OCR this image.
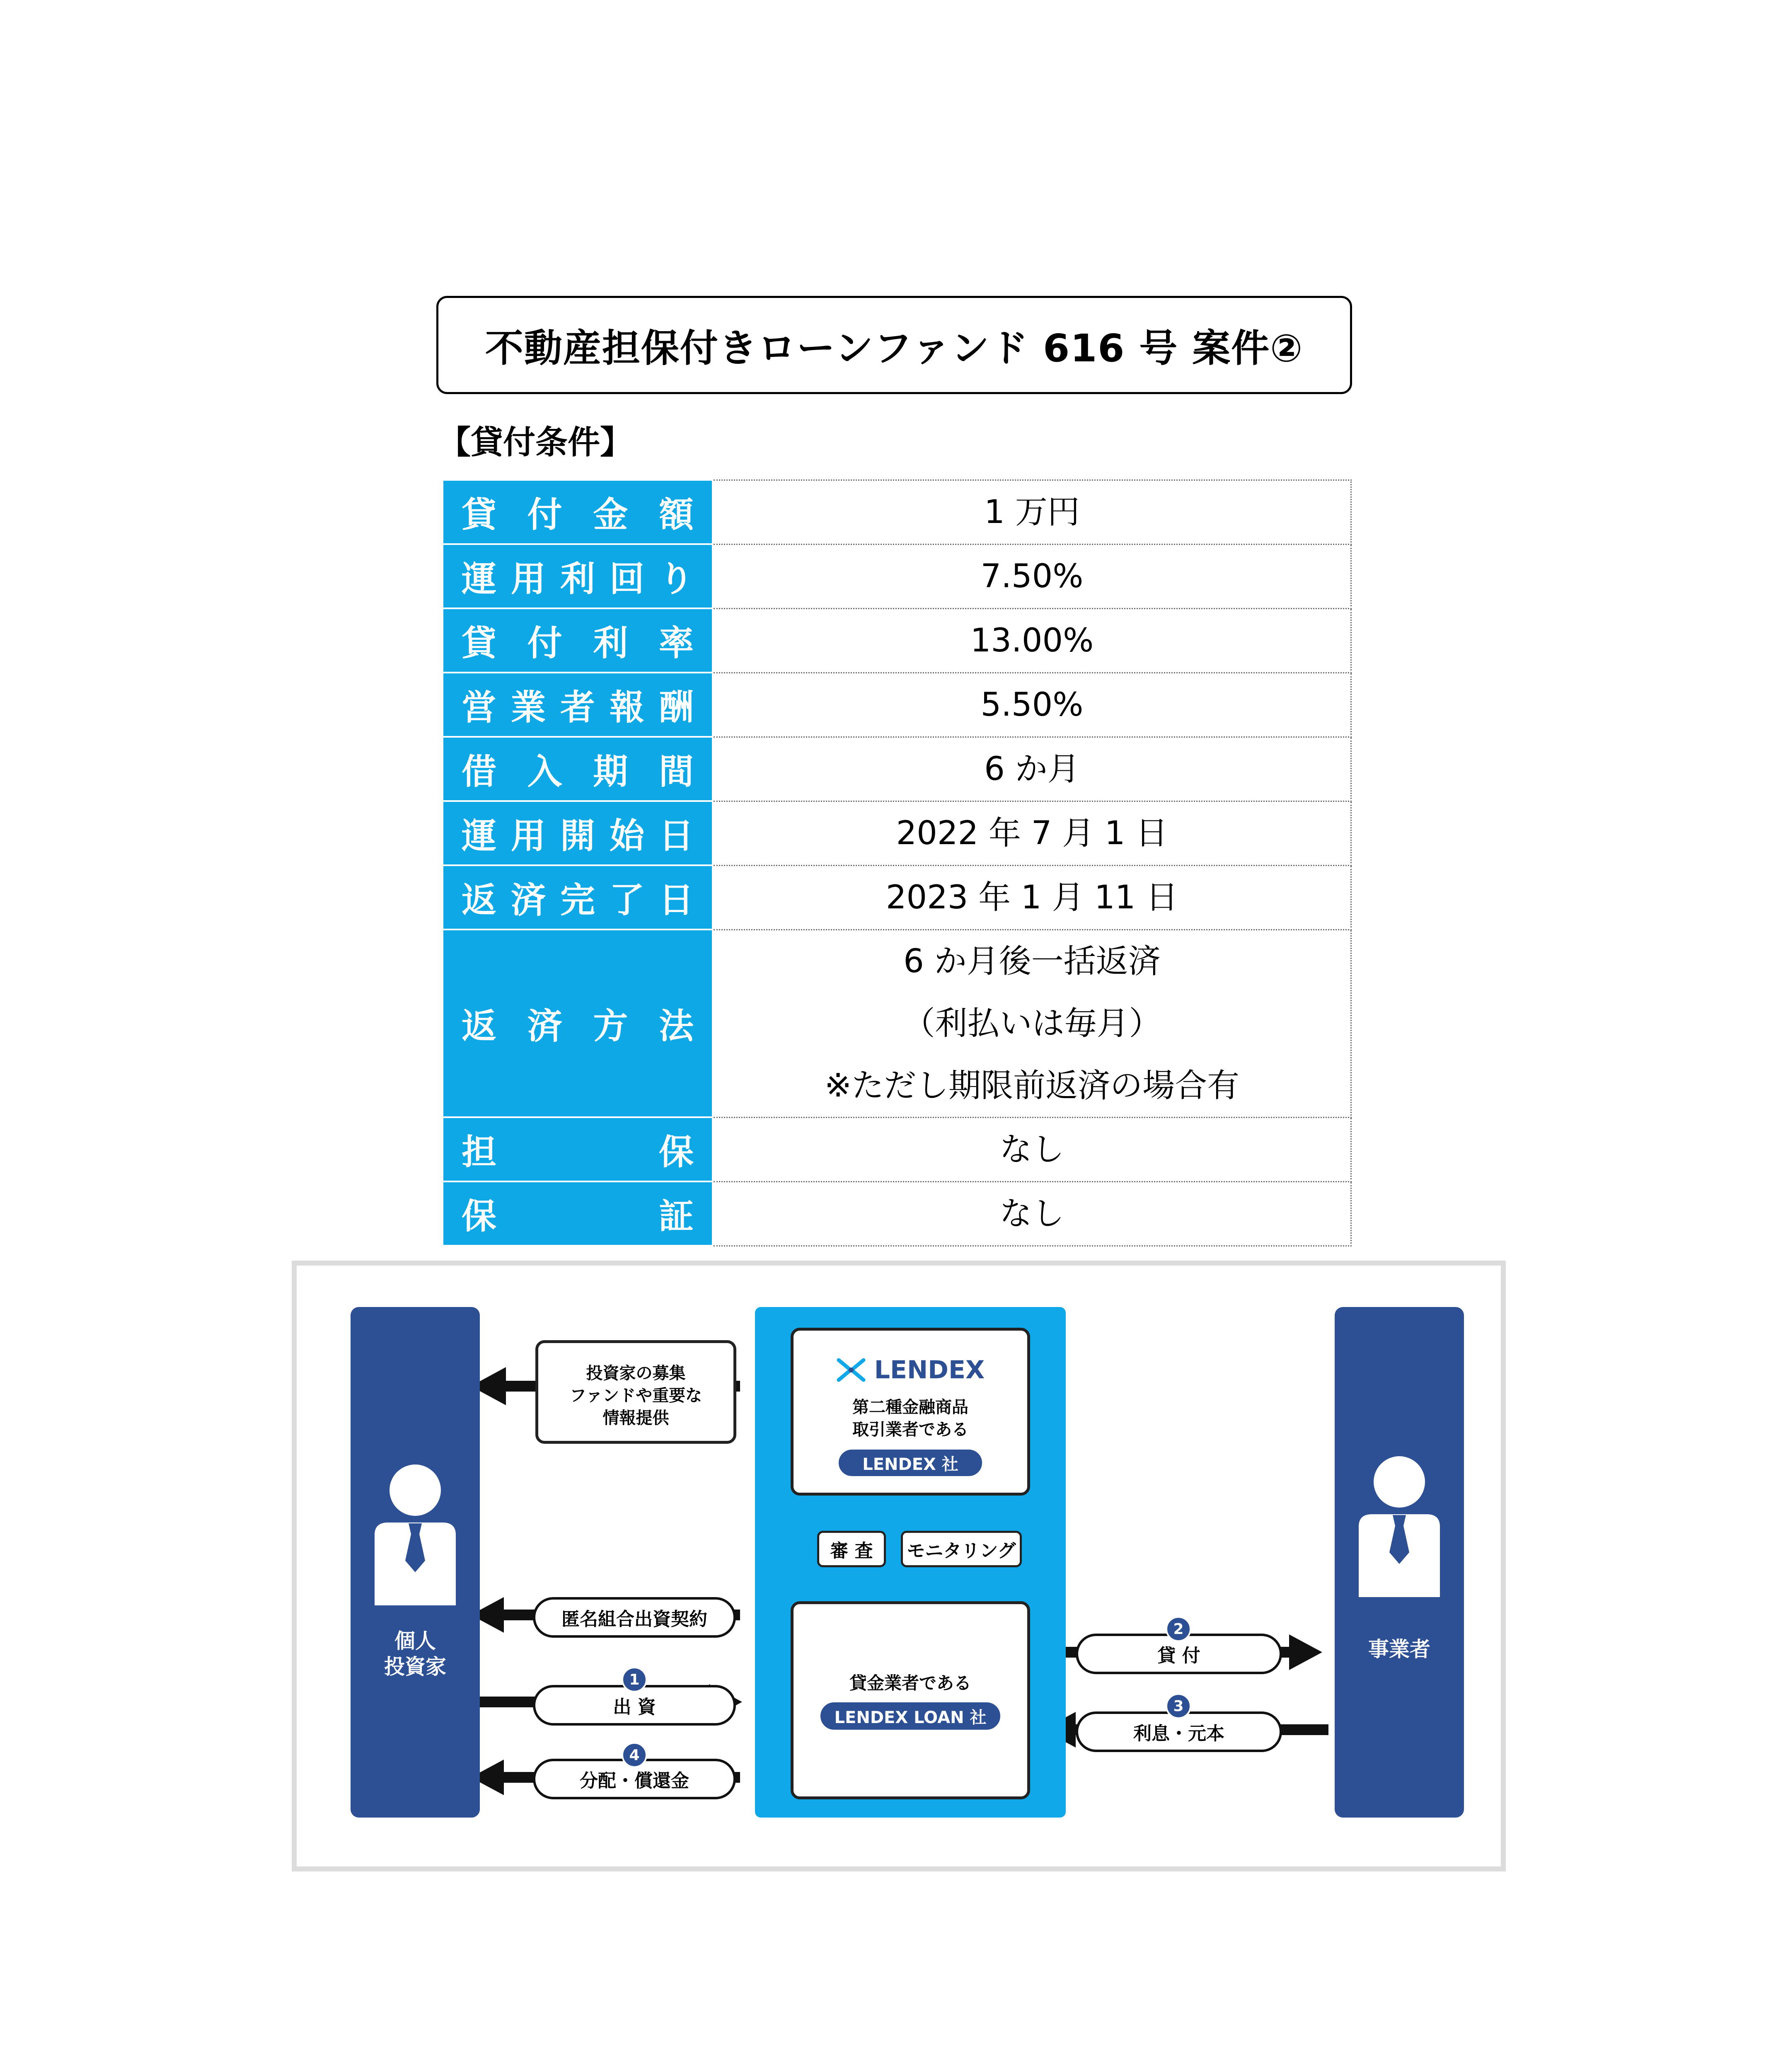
不動産担保付きローンファンド 616 号 案件②
【貸付条件】
貸 付 金 額	1 万円

運 用 利 回 り	7.50%

貸 付 利 率	13.00%

営 業 者 報 酬	5.50%

借 入 期 間	6 か月

運 用 開 始 日	2022 年 7 月 1 日

返 済 完 了 日	2023 年 1 月 11 日

返 済 方 法	6 か月後一括返済
（利払いは毎月）
※ただし期限前返済の場合有

担 保	なし

保 証	なし
個人
投資家
事業者
LENDEX
第二種金融商品
取引業者である
LENDEX 社
投資家の募集
ファンドや重要な
情報提供
審 査	モニタリング
貸金業者である
LENDEX LOAN 社
匿名組合出資契約
出 資
1
分配・償還金
4
貸 付
2
利息・元本
3
